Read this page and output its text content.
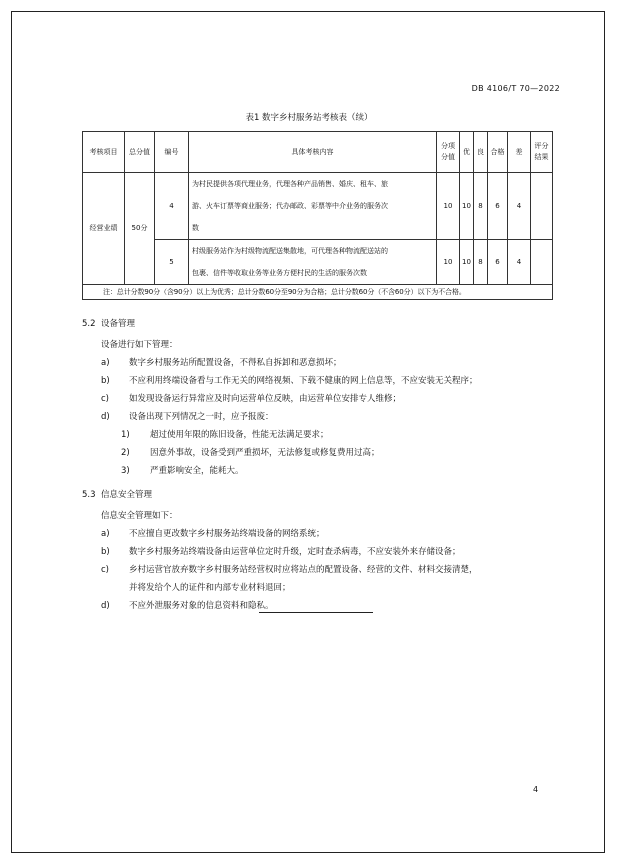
DB 4106/T 70—2022
表1 数字乡村服务站考核表（续）
考核项目	总分值	编号	具体考核内容	分项
分值	优	良	合格	差	评分
结果
经营业绩	50分	4	为村民提供各项代理业务，代理各种产品销售、婚庆、租车、旅
游、火车订票等商业服务；代办邮政、彩票等中介业务的服务次
数	10	10	8	6	4	
		5	村级服务站作为村级物流配送集散地，可代理各种物流配送站的
包裹、信件等收取业务等业务方便村民的生活的服务次数	10	10	8	6	4	
注：总计分数90分（含90分）以上为优秀；总计分数60分至90分为合格；总计分数60分（不含60分）以下为不合格。									
5.2 设备管理
设备进行如下管理：
a) 数字乡村服务站所配置设备，不得私自拆卸和恶意损坏；
b) 不应利用终端设备看与工作无关的网络视频、下载不健康的网上信息等，不应安装无关程序；
c) 如发现设备运行异常应及时向运营单位反映，由运营单位安排专人维修；
d) 设备出现下列情况之一时，应予报废：
1) 超过使用年限的陈旧设备，性能无法满足要求；
2) 因意外事故，设备受到严重损坏，无法修复或修复费用过高；
3) 严重影响安全，能耗大。
5.3 信息安全管理
信息安全管理如下：
a) 不应擅自更改数字乡村服务站终端设备的网络系统；
b) 数字乡村服务站终端设备由运营单位定时升级，定时查杀病毒，不应安装外来存储设备；
c) 乡村运营官放弃数字乡村服务站经营权时应将站点的配置设备、经营的文件、材料交接清楚，
并将发给个人的证件和内部专业材料退回；
d) 不应外泄服务对象的信息资料和隐私。
4
